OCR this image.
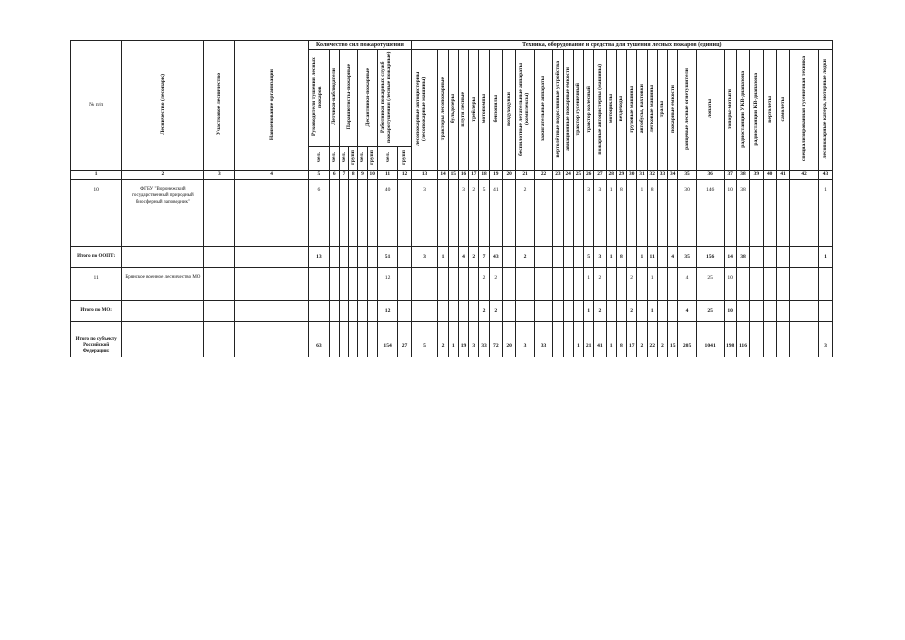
№ п/п	Лесничество (лесопарк)	Участковое лесничество	Наименование организации	Количество сил пожаротушения								Техника, оборудование и средства для тушения лесных пожаров (единиц)																														
				Руководители тушения лесных пожаров	Летчики-наблюдатели	Парашютисты-пожарные		Десантники-пожарные		Работники пожарных служб пожаротушения (лесные пожарные)		лесопожарные автоцистерны (лесопожарные машины)	тракторы лесопожарные	бульдозеры	плуги лесные	трейлеры	мотопомпы	бензопилы	воздуходувки	беспилотные летательные аппараты (комплексы)	зажигательные аппараты	вертолётные водосливные устройства	авиационные пожарные емкости	трактор гусеничный	трактор колесный	пожарные автоцистерны (машины)	мотоциклы	вездеходы	грузовые машины	автобусы, вахтовки	легковые машины	тралы	пожарные емкости	ранцевые лесные огнетушители	лопаты	топоры-мотыги	радиостанции УКВ-диапазона	радиостанции КВ-диапазона	вертолеты	самолеты	специализированная гусеничная техника	лесопожарные катера, моторные лодки
				чел.	чел.	чел.	групп	чел.	групп	чел.	групп																															
1	2	3	4	5	6	7	8	9	10	11	12	13	14	15	16	17	18	19	20	21	22	23	24	25	26	27	28	29	30	31	32	33	34	35	36	37	38	39	40	41	42	43
10	ФГБУ "Воронежский государственный природный биосферный заповедник"			6						40		3			3	2	5	41		2					3	3	1	8		1	8			30	146	10	38					1
Итого по ООПТ:				13						51		3	1		4	2	7	43		2					5	3	1	8		1	11		4	35	156	14	38					1
11	Брянское военное лесничество МО									12							2	2							1	2			2		1			4	25	10						
Итого по МО:										12							2	2							1	2			2		1			4	25	10						
Итого по субъекту Российской Федерации:				63						154	27	5	2	1	19	3	33	72	20	3	33			1	21	41	1	8	17	2	22	2	15	205	1041	198	116					3
